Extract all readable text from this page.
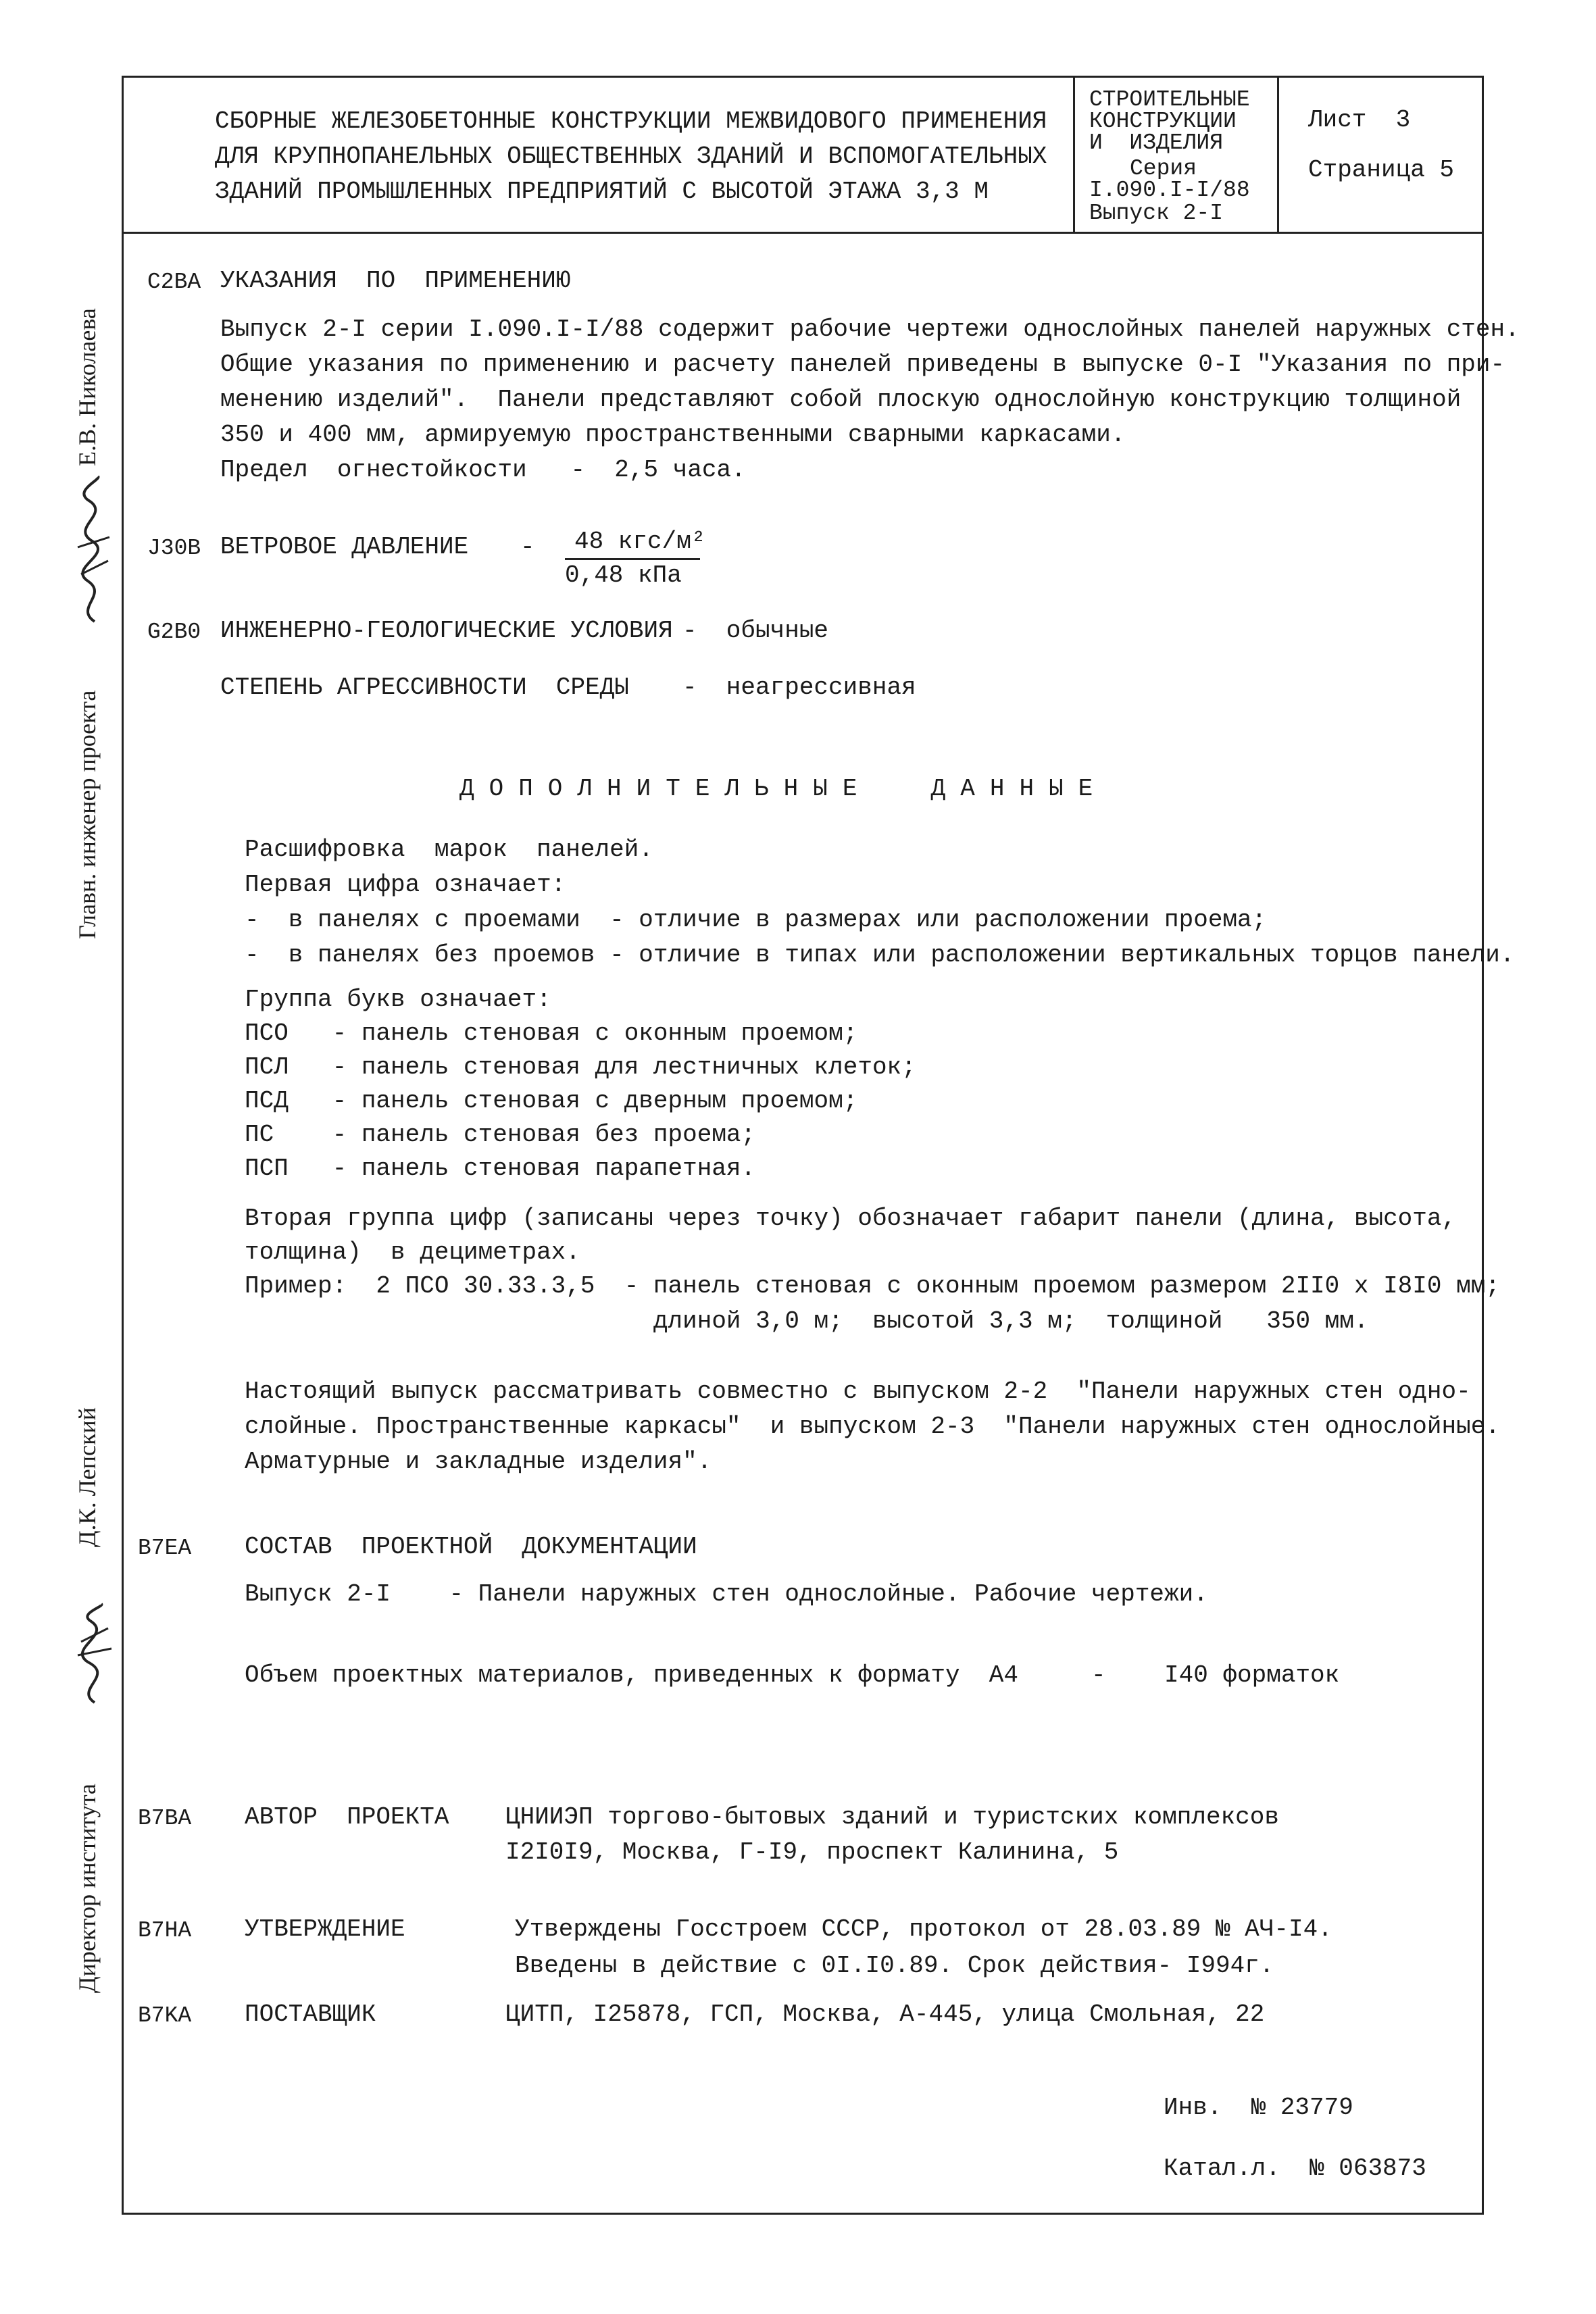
СБОРНЫЕ ЖЕЛЕЗОБЕТОННЫЕ КОНСТРУКЦИИ МЕЖВИДОВОГО ПРИМЕНЕНИЯ
ДЛЯ КРУПНОПАНЕЛЬНЫХ ОБЩЕСТВЕННЫХ ЗДАНИЙ И ВСПОМОГАТЕЛЬНЫХ
ЗДАНИЙ ПРОМЫШЛЕННЫХ ПРЕДПРИЯТИЙ С ВЫСОТОЙ ЭТАЖА 3,3 М
СТРОИТЕЛЬНЫЕ
КОНСТРУКЦИИ
И  ИЗДЕЛИЯ
Серия
I.090.I-I/88
Выпуск 2-I
Лист  3
Страница 5
Главн. инженер проекта
Е.В. Николаева
Директор института
Д.К. Лепский
C2BA УКАЗАНИЯ  ПО  ПРИМЕНЕНИЮ
Выпуск 2-I серии I.090.I-I/88 содержит рабочие чертежи однослойных панелей наружных стен.
Общие указания по применению и расчету панелей приведены в выпуске 0-I "Указания по при-
менению изделий".  Панели представляют собой плоскую однослойную конструкцию толщиной
350 и 400 мм, армируемую пространственными сварными каркасами.
Предел  огнестойкости   -  2,5 часа.
J30B ВЕТРОВОЕ ДАВЛЕНИЕ - 48 кгс/м²
0,48 кПа
G2B0 ИНЖЕНЕРНО-ГЕОЛОГИЧЕСКИЕ УСЛОВИЯ -  обычные
СТЕПЕНЬ АГРЕССИВНОСТИ  СРЕДЫ -  неагрессивная
ДОПОЛНИТЕЛЬНЫЕ  ДАННЫЕ
Расшифровка  марок  панелей.
Первая цифра означает:
-  в панелях с проемами  - отличие в размерах или расположении проема;
-  в панелях без проемов - отличие в типах или расположении вертикальных торцов панели.
Группа букв означает:
ПСО   - панель стеновая с оконным проемом;
ПСЛ   - панель стеновая для лестничных клеток;
ПСД   - панель стеновая с дверным проемом;
ПС    - панель стеновая без проема;
ПСП   - панель стеновая парапетная.
Вторая группа цифр (записаны через точку) обозначает габарит панели (длина, высота,
толщина)  в дециметрах.
Пример:  2 ПСО 30.33.3,5  - панель стеновая с оконным проемом размером 2II0 х I8I0 мм;
длиной 3,0 м;  высотой 3,3 м;  толщиной   350 мм.
Настоящий выпуск рассматривать совместно с выпуском 2-2  "Панели наружных стен одно-
слойные. Пространственные каркасы"  и выпуском 2-3  "Панели наружных стен однослойные.
Арматурные и закладные изделия".
B7EA СОСТАВ  ПРОЕКТНОЙ  ДОКУМЕНТАЦИИ
Выпуск 2-I    - Панели наружных стен однослойные. Рабочие чертежи.
Объем проектных материалов, приведенных к формату  А4     -    I40 форматок
B7BA АВТОР  ПРОЕКТА ЦНИИЭП торгово-бытовых зданий и туристских комплексов
I2I0I9, Москва, Г-I9, проспект Калинина, 5
B7HA УТВЕРЖДЕНИЕ	Утверждены Госстроем СССР, протокол от 28.03.89 № АЧ-I4.
Введены в действие с 0I.I0.89. Срок действия- I994г.
B7KA ПОСТАВЩИК	ЦИТП, I25878, ГСП, Москва, А-445, улица Смольная, 22
Инв.  № 23779
Катал.л.  № 063873
